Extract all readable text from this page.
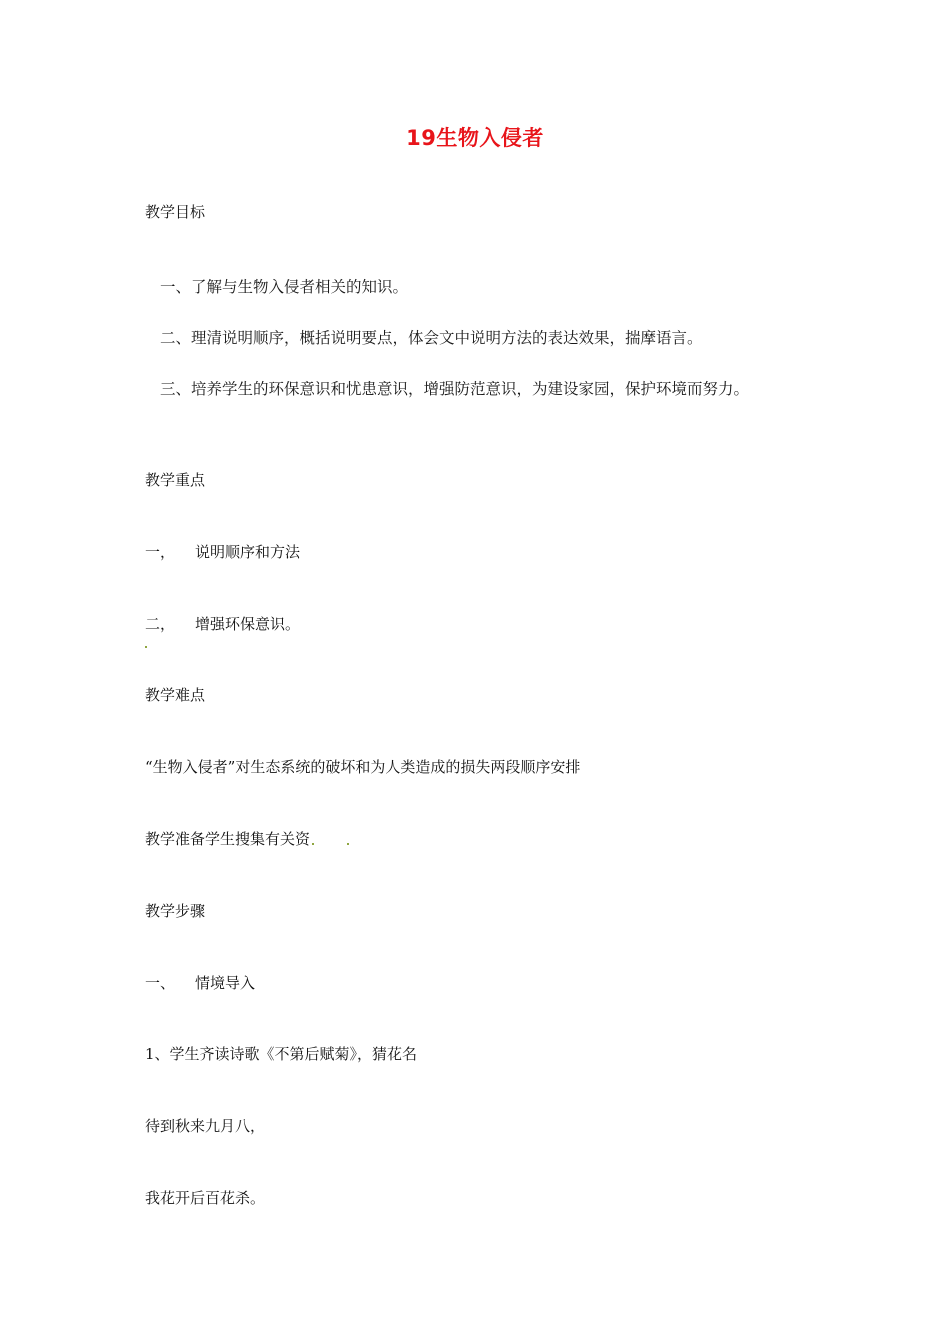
19生物入侵者
教学目标
一、了解与生物入侵者相关的知识。
二、理清说明顺序，概括说明要点，体会文中说明方法的表达效果，揣摩语言。
三、培养学生的环保意识和忧患意识，增强防范意识，为建设家园，保护环境而努力。
教学重点
一， 说明顺序和方法
二， 增强环保意识。
教学难点
“生物入侵者”对生态系统的破坏和为人类造成的损失两段顺序安排
教学准备学生搜集有关资
教学步骤
一、 情境导入
1、学生齐读诗歌《不第后赋菊》，猜花名
待到秋来九月八，
我花开后百花杀。
